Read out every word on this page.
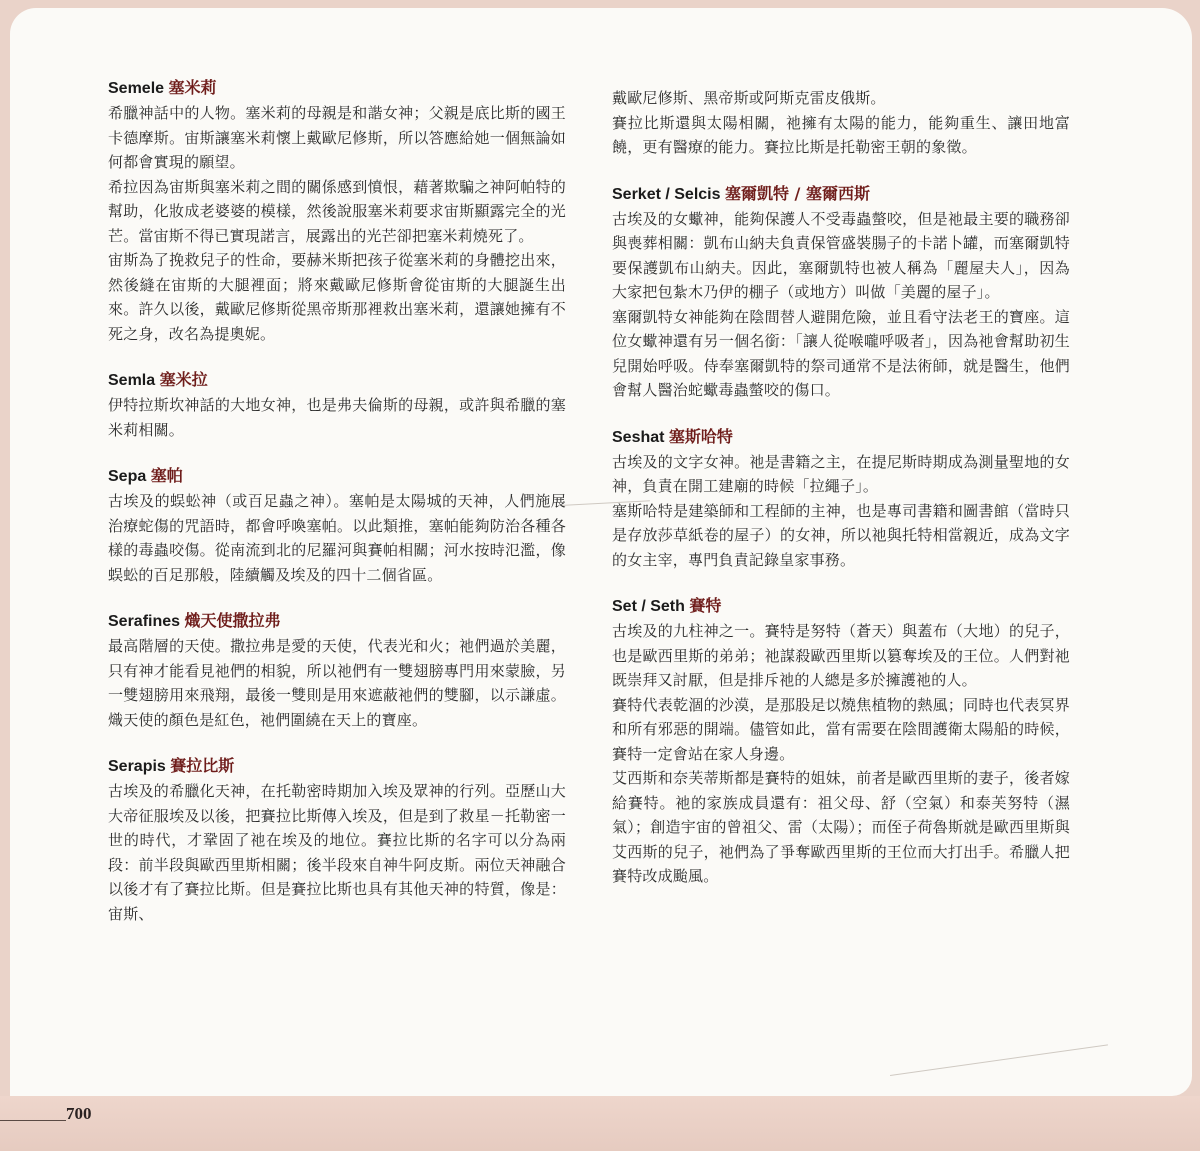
Semele 塞米莉

希臘神話中的人物。塞米莉的母親是和諧女神；父親是底比斯的國王卡德摩斯。宙斯讓塞米莉懷上戴歐尼修斯，所以答應給她一個無論如何都會實現的願望。

希拉因為宙斯與塞米莉之間的關係感到憤恨，藉著欺騙之神阿帕特的幫助，化妝成老婆婆的模樣，然後說服塞米莉要求宙斯顯露完全的光芒。當宙斯不得已實現諾言，展露出的光芒卻把塞米莉燒死了。

宙斯為了挽救兒子的性命，要赫米斯把孩子從塞米莉的身體挖出來，然後縫在宙斯的大腿裡面；將來戴歐尼修斯會從宙斯的大腿誕生出來。許久以後，戴歐尼修斯從黑帝斯那裡救出塞米莉，還讓她擁有不死之身，改名為提奧妮。

Semla 塞米拉

伊特拉斯坎神話的大地女神，也是弗夫倫斯的母親，或許與希臘的塞米莉相關。

Sepa 塞帕

古埃及的蜈蚣神（或百足蟲之神）。塞帕是太陽城的天神，人們施展治療蛇傷的咒語時，都會呼喚塞帕。以此類推，塞帕能夠防治各種各樣的毒蟲咬傷。從南流到北的尼羅河與賽帕相關；河水按時氾濫，像蜈蚣的百足那般，陸續觸及埃及的四十二個省區。

Serafines 熾天使撒拉弗

最高階層的天使。撒拉弗是愛的天使，代表光和火；祂們過於美麗，只有神才能看見祂們的相貌，所以祂們有一雙翅膀專門用來蒙臉，另一雙翅膀用來飛翔，最後一雙則是用來遮蔽祂們的雙腳，以示謙虛。熾天使的顏色是紅色，祂們圍繞在天上的寶座。

Serapis 賽拉比斯

古埃及的希臘化天神，在托勒密時期加入埃及眾神的行列。亞歷山大大帝征服埃及以後，把賽拉比斯傳入埃及，但是到了救星－托勒密一世的時代，才鞏固了祂在埃及的地位。賽拉比斯的名字可以分為兩段：前半段與歐西里斯相關；後半段來自神牛阿皮斯。兩位天神融合以後才有了賽拉比斯。但是賽拉比斯也具有其他天神的特質，像是：宙斯、

戴歐尼修斯、黑帝斯或阿斯克雷皮俄斯。

賽拉比斯還與太陽相關，祂擁有太陽的能力，能夠重生、讓田地富饒，更有醫療的能力。賽拉比斯是托勒密王朝的象徵。

Serket / Selcis 塞爾凱特 / 塞爾西斯

古埃及的女蠍神，能夠保護人不受毒蟲螫咬，但是祂最主要的職務卻與喪葬相關：凱布山納夫負責保管盛裝腸子的卡諾卜罐，而塞爾凱特要保護凱布山納夫。因此，塞爾凱特也被人稱為「麗屋夫人」，因為大家把包紮木乃伊的棚子（或地方）叫做「美麗的屋子」。

塞爾凱特女神能夠在陰間替人避開危險，並且看守法老王的寶座。這位女蠍神還有另一個名銜：「讓人從喉嚨呼吸者」，因為祂會幫助初生兒開始呼吸。侍奉塞爾凱特的祭司通常不是法術師，就是醫生，他們會幫人醫治蛇蠍毒蟲螫咬的傷口。

Seshat 塞斯哈特

古埃及的文字女神。祂是書籍之主，在提尼斯時期成為測量聖地的女神，負責在開工建廟的時候「拉繩子」。

塞斯哈特是建築師和工程師的主神，也是專司書籍和圖書館（當時只是存放莎草紙卷的屋子）的女神，所以祂與托特相當親近，成為文字的女主宰，專門負責記錄皇家事務。

Set / Seth 賽特

古埃及的九柱神之一。賽特是努特（蒼天）與蓋布（大地）的兒子，也是歐西里斯的弟弟；祂謀殺歐西里斯以篡奪埃及的王位。人們對祂既崇拜又討厭，但是排斥祂的人總是多於擁護祂的人。

賽特代表乾涸的沙漠，是那股足以燒焦植物的熱風；同時也代表冥界和所有邪惡的開端。儘管如此，當有需要在陰間護衛太陽船的時候，賽特一定會站在家人身邊。

艾西斯和奈芙蒂斯都是賽特的姐妹，前者是歐西里斯的妻子，後者嫁給賽特。祂的家族成員還有：祖父母、舒（空氣）和泰芙努特（濕氣）；創造宇宙的曾祖父、雷（太陽）；而侄子荷魯斯就是歐西里斯與艾西斯的兒子，祂們為了爭奪歐西里斯的王位而大打出手。希臘人把賽特改成颱風。

700
